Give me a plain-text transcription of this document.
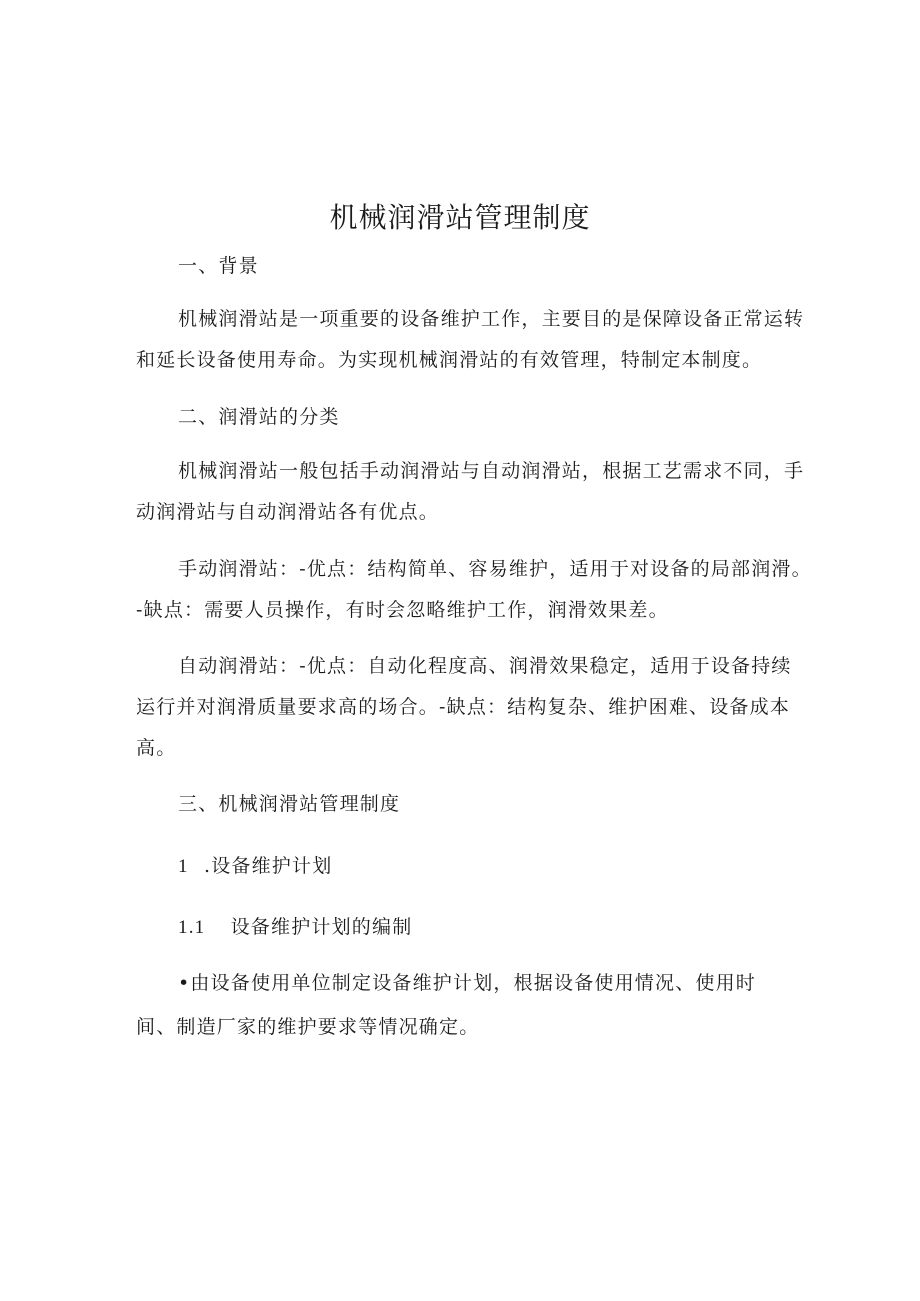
机械润滑站管理制度

一、背景

机械润滑站是一项重要的设备维护工作，主要目的是保障设备正常运转

和延长设备使用寿命。为实现机械润滑站的有效管理，特制定本制度。

二、润滑站的分类

机械润滑站一般包括手动润滑站与自动润滑站，根据工艺需求不同，手

动润滑站与自动润滑站各有优点。

手动润滑站：-优点：结构简单、容易维护，适用于对设备的局部润滑。

-缺点：需要人员操作，有时会忽略维护工作，润滑效果差。

自动润滑站：-优点：自动化程度高、润滑效果稳定，适用于设备持续

运行并对润滑质量要求高的场合。-缺点：结构复杂、维护困难、设备成本

高。

三、机械润滑站管理制度

1 .设备维护计划

1.1 设备维护计划的编制

•由设备使用单位制定设备维护计划，根据设备使用情况、使用时

间、制造厂家的维护要求等情况确定。
